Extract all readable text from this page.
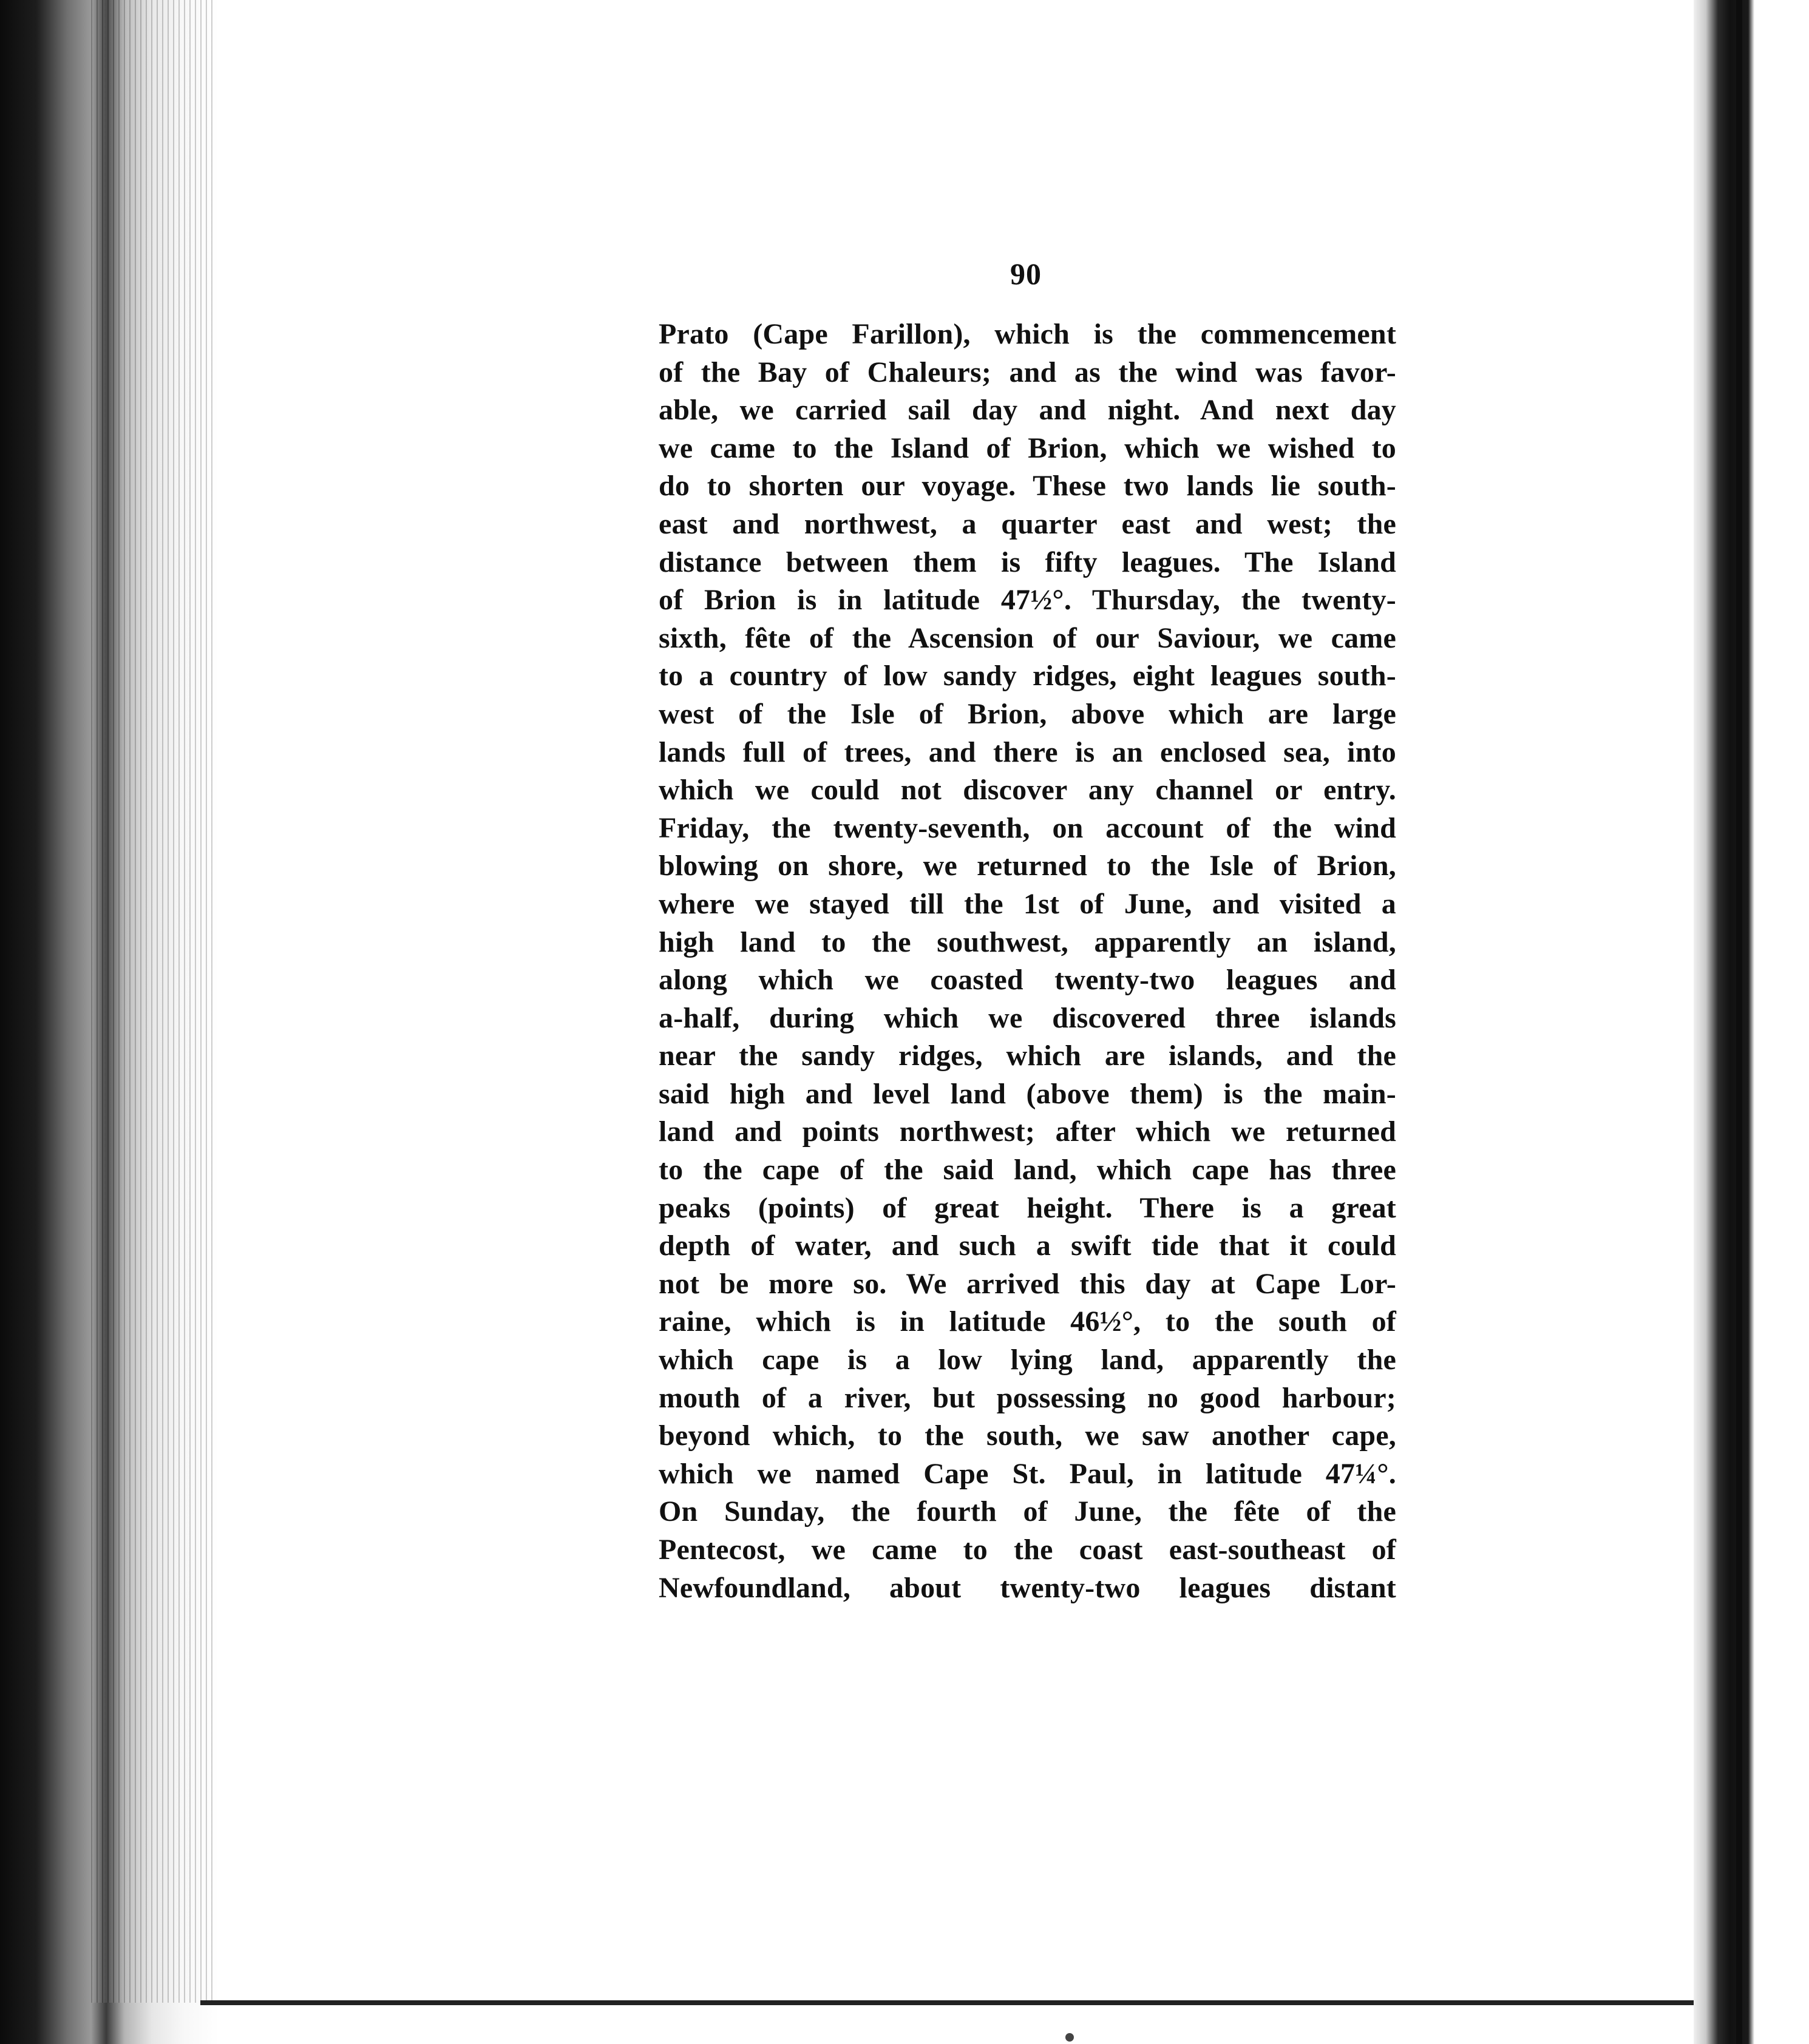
90
Prato (Cape Farillon), which is the commencement
of the Bay of Chaleurs; and as the wind was favor-
able, we carried sail day and night. And next day
we came to the Island of Brion, which we wished to
do to shorten our voyage. These two lands lie south-
east and northwest, a quarter east and west; the
distance between them is fifty leagues. The Island
of Brion is in latitude 47½°. Thursday, the twenty-
sixth, fête of the Ascension of our Saviour, we came
to a country of low sandy ridges, eight leagues south-
west of the Isle of Brion, above which are large
lands full of trees, and there is an enclosed sea, into
which we could not discover any channel or entry.
Friday, the twenty-seventh, on account of the wind
blowing on shore, we returned to the Isle of Brion,
where we stayed till the 1st of June, and visited a
high land to the southwest, apparently an island,
along which we coasted twenty-two leagues and
a-half, during which we discovered three islands
near the sandy ridges, which are islands, and the
said high and level land (above them) is the main-
land and points northwest; after which we returned
to the cape of the said land, which cape has three
peaks (points) of great height. There is a great
depth of water, and such a swift tide that it could
not be more so. We arrived this day at Cape Lor-
raine, which is in latitude 46½°, to the south of
which cape is a low lying land, apparently the
mouth of a river, but possessing no good harbour;
beyond which, to the south, we saw another cape,
which we named Cape St. Paul, in latitude 47¼°.
On Sunday, the fourth of June, the fête of the
Pentecost, we came to the coast east-southeast of
Newfoundland, about twenty-two leagues distant
